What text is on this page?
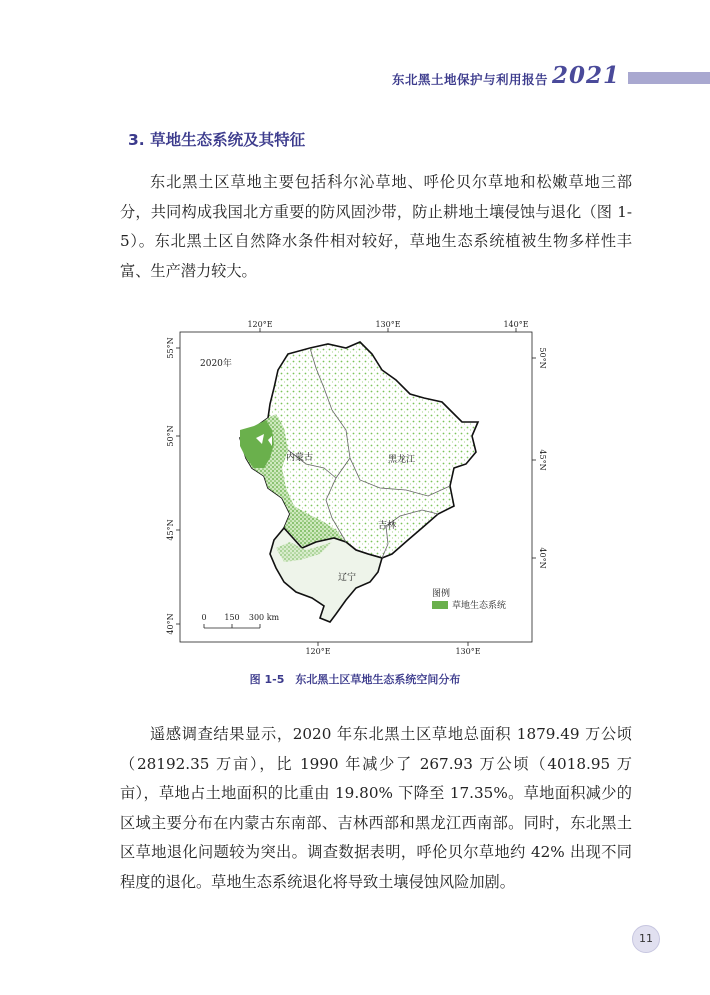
东北黑土地保护与利用报告 2021
3. 草地生态系统及其特征

东北黑土区草地主要包括科尔沁草地、呼伦贝尔草地和松嫩草地三部分，共同构成我国北方重要的防风固沙带，防止耕地土壤侵蚀与退化（图 1-5）。东北黑土区自然降水条件相对较好，草地生态系统植被生物多样性丰富、生产潜力较大。

120°E	130°E	140°E
120°E	130°E
55°N
50°N
45°N
40°N
50°N
45°N
40°N
2020年
内蒙古	黑龙江
吉林
辽宁
图例
草地生态系统
0 150 300 km
图 1-5　东北黑土区草地生态系统空间分布

遥感调查结果显示，2020 年东北黑土区草地总面积 1879.49 万公顷（28192.35 万亩），比 1990 年减少了 267.93 万公顷（4018.95 万亩），草地占土地面积的比重由 19.80% 下降至 17.35%。草地面积减少的区域主要分布在内蒙古东南部、吉林西部和黑龙江西南部。同时，东北黑土区草地退化问题较为突出。调查数据表明，呼伦贝尔草地约 42% 出现不同程度的退化。草地生态系统退化将导致土壤侵蚀风险加剧。

11
